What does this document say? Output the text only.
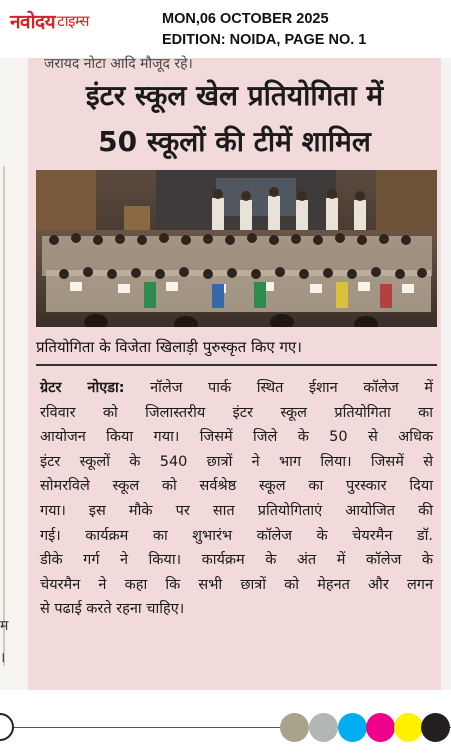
नवोदय टाइम्स	MON,06 OCTOBER 2025
EDITION: NOIDA, PAGE NO. 1
म
।
जरायद नोटा आदि मौजूद रहे।
इंटर स्कूल खेल प्रतियोगिता में
50 स्कूलों की टीमें शामिल
प्रतियोगिता के विजेता खिलाड़ी पुरुस्कृत किए गए।
ग्रेटर नोएडा: नॉलेज पार्क स्थित ईशान कॉलेज में
रविवार को जिलास्तरीय इंटर स्कूल प्रतियोगिता का
आयोजन किया गया। जिसमें जिले के 50 से अधिक
इंटर स्कूलों के 540 छात्रों ने भाग लिया। जिसमें से
सोमरविले स्कूल को सर्वश्रेष्ठ स्कूल का पुरस्कार दिया
गया। इस मौके पर सात प्रतियोगिताएं आयोजित की
गई। कार्यक्रम का शुभारंभ कॉलेज के चेयरमैन डॉ.
डीके गर्ग ने किया। कार्यक्रम के अंत में कॉलेज के
चेयरमैन ने कहा कि सभी छात्रों को मेहनत और लगन
से पढाई करते रहना चाहिए।
